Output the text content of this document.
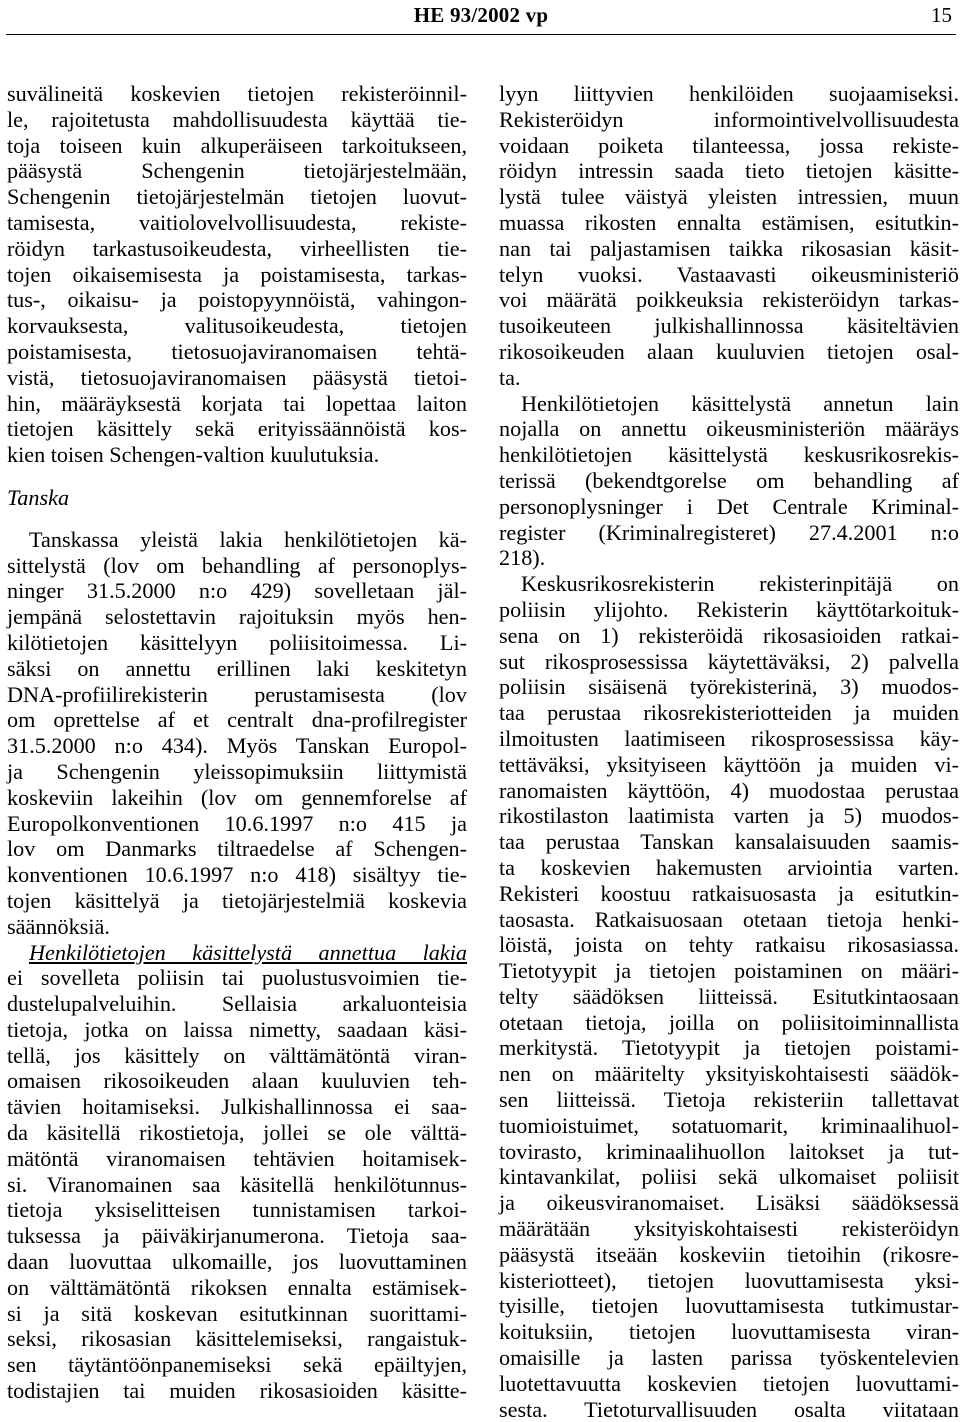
HE 93/2002 vp	15
suvälineitä koskevien tietojen rekisteröinnil-
le, rajoitetusta mahdollisuudesta käyttää tie-
toja toiseen kuin alkuperäiseen tarkoitukseen,
pääsystä Schengenin tietojärjestelmään,
Schengenin tietojärjestelmän tietojen luovut-
tamisesta, vaitiolovelvollisuudesta, rekiste-
röidyn tarkastusoikeudesta, virheellisten tie-
tojen oikaisemisesta ja poistamisesta, tarkas-
tus-, oikaisu- ja poistopyynnöistä, vahingon-
korvauksesta, valitusoikeudesta, tietojen
poistamisesta, tietosuojaviranomaisen tehtä-
vistä, tietosuojaviranomaisen pääsystä tietoi-
hin, määräyksestä korjata tai lopettaa laiton
tietojen käsittely sekä erityissäännöistä kos-
kien toisen Schengen-valtion kuulutuksia.
Tanska
Tanskassa yleistä lakia henkilötietojen kä-
sittelystä (lov om behandling af personoplys-
ninger 31.5.2000 n:o 429) sovelletaan jäl-
jempänä selostettavin rajoituksin myös hen-
kilötietojen käsittelyyn poliisitoimessa. Li-
säksi on annettu erillinen laki keskitetyn
DNA-profiilirekisterin perustamisesta (lov
om oprettelse af et centralt dna-profilregister
31.5.2000 n:o 434). Myös Tanskan Europol-
ja Schengenin yleissopimuksiin liittymistä
koskeviin lakeihin (lov om gennemforelse af
Europolkonventionen 10.6.1997 n:o 415 ja
lov om Danmarks tiltraedelse af Schengen-
konventionen 10.6.1997 n:o 418) sisältyy tie-
tojen käsittelyä ja tietojärjestelmiä koskevia
säännöksiä.
Henkilötietojen käsittelystä annettua lakia
ei sovelleta poliisin tai puolustusvoimien tie-
dustelupalveluihin. Sellaisia arkaluonteisia
tietoja, jotka on laissa nimetty, saadaan käsi-
tellä, jos käsittely on välttämätöntä viran-
omaisen rikosoikeuden alaan kuuluvien teh-
tävien hoitamiseksi. Julkishallinnossa ei saa-
da käsitellä rikostietoja, jollei se ole välttä-
mätöntä viranomaisen tehtävien hoitamisek-
si. Viranomainen saa käsitellä henkilötunnus-
tietoja yksiselitteisen tunnistamisen tarkoi-
tuksessa ja päiväkirjanumerona. Tietoja saa-
daan luovuttaa ulkomaille, jos luovuttaminen
on välttämätöntä rikoksen ennalta estämisek-
si ja sitä koskevan esitutkinnan suorittami-
seksi, rikosasian käsittelemiseksi, rangaistuk-
sen täytäntöönpanemiseksi sekä epäiltyjen,
todistajien tai muiden rikosasioiden käsitte-
lyyn liittyvien henkilöiden suojaamiseksi.
Rekisteröidyn informointivelvollisuudesta
voidaan poiketa tilanteessa, jossa rekiste-
röidyn intressin saada tieto tietojen käsitte-
lystä tulee väistyä yleisten intressien, muun
muassa rikosten ennalta estämisen, esitutkin-
nan tai paljastamisen taikka rikosasian käsit-
telyn vuoksi. Vastaavasti oikeusministeriö
voi määrätä poikkeuksia rekisteröidyn tarkas-
tusoikeuteen julkishallinnossa käsiteltävien
rikosoikeuden alaan kuuluvien tietojen osal-
ta.
Henkilötietojen käsittelystä annetun lain
nojalla on annettu oikeusministeriön määräys
henkilötietojen käsittelystä keskusrikosrekis-
terissä (bekendtgorelse om behandling af
personoplysninger i Det Centrale Kriminal-
register (Kriminalregisteret) 27.4.2001 n:o
218).
Keskusrikosrekisterin rekisterinpitäjä on
poliisin ylijohto. Rekisterin käyttötarkoituk-
sena on 1) rekisteröidä rikosasioiden ratkai-
sut rikosprosessissa käytettäväksi, 2) palvella
poliisin sisäisenä työrekisterinä, 3) muodos-
taa perustaa rikosrekisteriotteiden ja muiden
ilmoitusten laatimiseen rikosprosessissa käy-
tettäväksi, yksityiseen käyttöön ja muiden vi-
ranomaisten käyttöön, 4) muodostaa perustaa
rikostilaston laatimista varten ja 5) muodos-
taa perustaa Tanskan kansalaisuuden saamis-
ta koskevien hakemusten arviointia varten.
Rekisteri koostuu ratkaisuosasta ja esitutkin-
taosasta. Ratkaisuosaan otetaan tietoja henki-
löistä, joista on tehty ratkaisu rikosasiassa.
Tietotyypit ja tietojen poistaminen on määri-
telty säädöksen liitteissä. Esitutkintaosaan
otetaan tietoja, joilla on poliisitoiminnallista
merkitystä. Tietotyypit ja tietojen poistami-
nen on määritelty yksityiskohtaisesti säädök-
sen liitteissä. Tietoja rekisteriin tallettavat
tuomioistuimet, sotatuomarit, kriminaalihuol-
tovirasto, kriminaalihuollon laitokset ja tut-
kintavankilat, poliisi sekä ulkomaiset poliisit
ja oikeusviranomaiset. Lisäksi säädöksessä
määrätään yksityiskohtaisesti rekisteröidyn
pääsystä itseään koskeviin tietoihin (rikosre-
kisteriotteet), tietojen luovuttamisesta yksi-
tyisille, tietojen luovuttamisesta tutkimustar-
koituksiin, tietojen luovuttamisesta viran-
omaisille ja lasten parissa työskentelevien
luotettavuutta koskevien tietojen luovuttami-
sesta. Tietoturvallisuuden osalta viitataan
